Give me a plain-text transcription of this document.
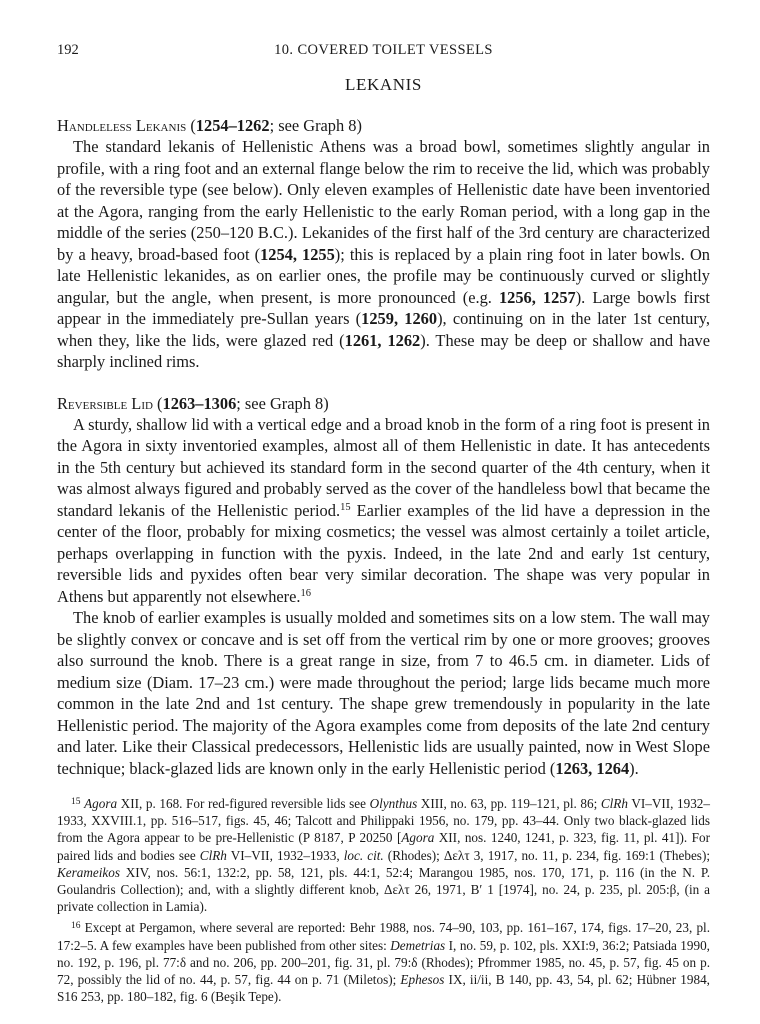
192	10. COVERED TOILET VESSELS
LEKANIS
Handleless Lekanis (1254–1262; see Graph 8)

The standard lekanis of Hellenistic Athens was a broad bowl, sometimes slightly angular in profile, with a ring foot and an external flange below the rim to receive the lid, which was probably of the reversible type (see below). Only eleven examples of Hellenistic date have been inventoried at the Agora, ranging from the early Hellenistic to the early Roman period, with a long gap in the middle of the series (250–120 B.C.). Lekanides of the first half of the 3rd century are characterized by a heavy, broad-based foot (1254, 1255); this is replaced by a plain ring foot in later bowls. On late Hellenistic lekanides, as on earlier ones, the profile may be continuously curved or slightly angular, but the angle, when present, is more pronounced (e.g. 1256, 1257). Large bowls first appear in the immediately pre-Sullan years (1259, 1260), continuing on in the later 1st century, when they, like the lids, were glazed red (1261, 1262). These may be deep or shallow and have sharply inclined rims.

Reversible Lid (1263–1306; see Graph 8)

A sturdy, shallow lid with a vertical edge and a broad knob in the form of a ring foot is present in the Agora in sixty inventoried examples, almost all of them Hellenistic in date. It has antecedents in the 5th century but achieved its standard form in the second quarter of the 4th century, when it was almost always figured and probably served as the cover of the handleless bowl that became the standard lekanis of the Hellenistic period.$^{15}$ Earlier examples of the lid have a depression in the center of the floor, probably for mixing cosmetics; the vessel was almost certainly a toilet article, perhaps overlapping in function with the pyxis. Indeed, in the late 2nd and early 1st century, reversible lids and pyxides often bear very similar decoration. The shape was very popular in Athens but apparently not elsewhere.$^{16}$

The knob of earlier examples is usually molded and sometimes sits on a low stem. The wall may be slightly convex or concave and is set off from the vertical rim by one or more grooves; grooves also surround the knob. There is a great range in size, from 7 to 46.5 cm. in diameter. Lids of medium size (Diam. 17–23 cm.) were made throughout the period; large lids became much more common in the late 2nd and 1st century. The shape grew tremendously in popularity in the late Hellenistic period. The majority of the Agora examples come from deposits of the late 2nd century and later. Like their Classical predecessors, Hellenistic lids are usually painted, now in West Slope technique; black-glazed lids are known only in the early Hellenistic period (1263, 1264).

$^{15}$ Agora XII, p. 168. For red-figured reversible lids see Olynthus XIII, no. 63, pp. 119–121, pl. 86; ClRh VI–VII, 1932–1933, XXVIII.1, pp. 516–517, figs. 45, 46; Talcott and Philippaki 1956, no. 179, pp. 43–44. Only two black-glazed lids from the Agora appear to be pre-Hellenistic (P 8187, P 20250 [Agora XII, nos. 1240, 1241, p. 323, fig. 11, pl. 41]). For paired lids and bodies see ClRh VI–VII, 1932–1933, loc. cit. (Rhodes); Δελτ 3, 1917, no. 11, p. 234, fig. 169:1 (Thebes); Kerameikos XIV, nos. 56:1, 132:2, pp. 58, 121, pls. 44:1, 52:4; Marangou 1985, nos. 170, 171, p. 116 (in the N. P. Goulandris Collection); and, with a slightly different knob, Δελτ 26, 1971, B′ 1 [1974], no. 24, p. 235, pl. 205:β, (in a private collection in Lamia).

$^{16}$ Except at Pergamon, where several are reported: Behr 1988, nos. 74–90, 103, pp. 161–167, 174, figs. 17–20, 23, pl. 17:2–5. A few examples have been published from other sites: Demetrias I, no. 59, p. 102, pls. XXI:9, 36:2; Patsiada 1990, no. 192, p. 196, pl. 77:δ and no. 206, pp. 200–201, fig. 31, pl. 79:δ (Rhodes); Pfrommer 1985, no. 45, p. 57, fig. 45 on p. 72, possibly the lid of no. 44, p. 57, fig. 44 on p. 71 (Miletos); Ephesos IX, ii/ii, B 140, pp. 43, 54, pl. 62; Hübner 1984, S16 253, pp. 180–182, fig. 6 (Beşik Tepe).
